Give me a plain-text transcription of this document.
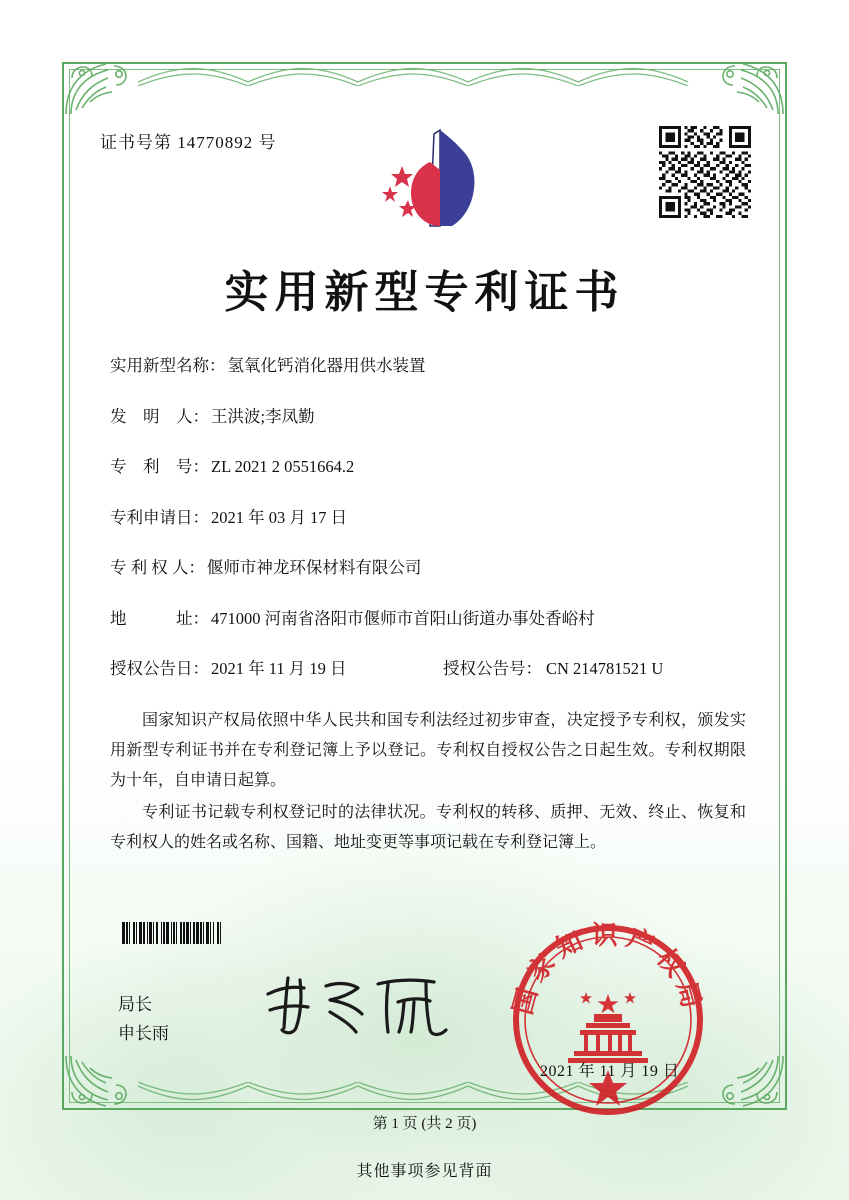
证书号第 14770892 号
实用新型专利证书
实用新型名称： 氢氧化钙消化器用供水装置
发　明　人： 王洪波;李凤勤
专　利　号： ZL 2021 2 0551664.2
专利申请日： 2021 年 03 月 17 日
专 利 权 人： 偃师市神龙环保材料有限公司
地　　　址： 471000 河南省洛阳市偃师市首阳山街道办事处香峪村
授权公告日： 2021 年 11 月 19 日	授权公告号： CN 214781521 U

国家知识产权局依照中华人民共和国专利法经过初步审查，决定授予专利权，颁发实用新型专利证书并在专利登记簿上予以登记。专利权自授权公告之日起生效。专利权期限为十年，自申请日起算。

专利证书记载专利权登记时的法律状况。专利权的转移、质押、无效、终止、恢复和专利权人的姓名或名称、国籍、地址变更等事项记载在专利登记簿上。

局长
申长雨
国家知识产权局
2021 年 11 月 19 日
第 1 页 (共 2 页)
其他事项参见背面
